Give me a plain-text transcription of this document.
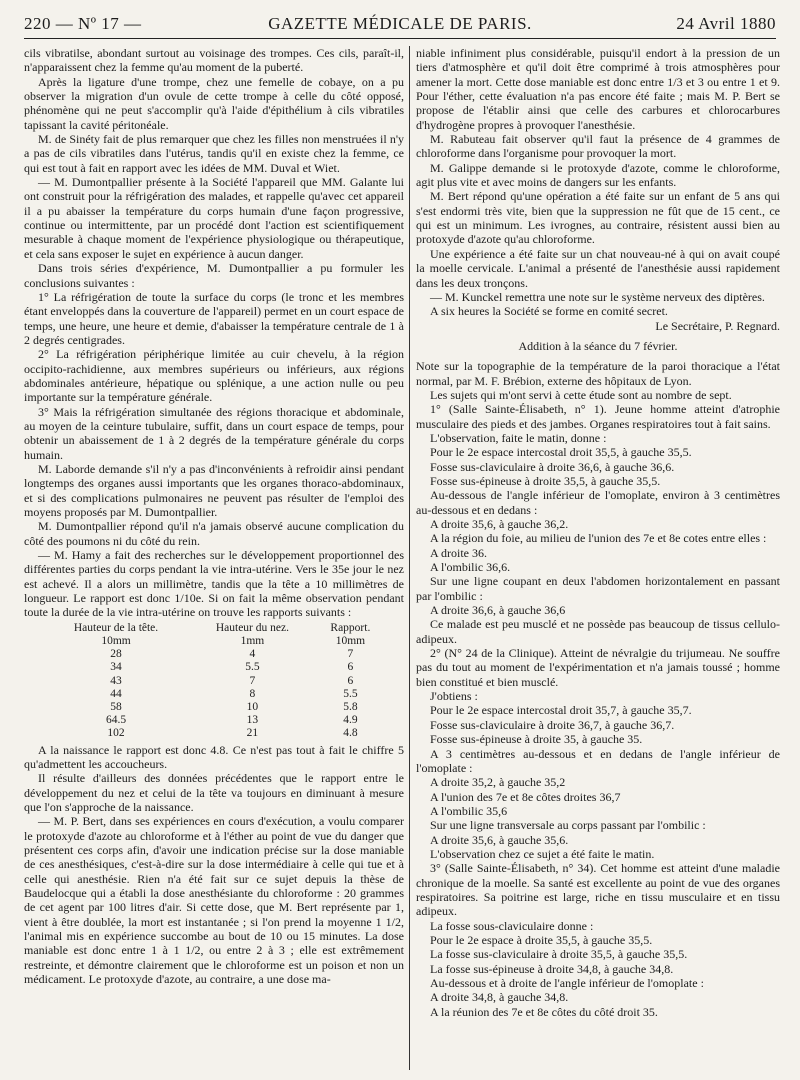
220 — Nº 17 —	GAZETTE MÉDICALE DE PARIS.	24 Avril 1880

cils vibratilse, abondant surtout au voisinage des trompes. Ces cils, paraît-il, n'apparaissent chez la femme qu'au moment de la puberté.

Après la ligature d'une trompe, chez une femelle de cobaye, on a pu observer la migration d'un ovule de cette trompe à celle du côté opposé, phénomène qui ne peut s'accomplir qu'à l'aide d'épithélium à cils vibratiles tapissant la cavité péritonéale.

M. de Sinéty fait de plus remarquer que chez les filles non menstruées il n'y a pas de cils vibratiles dans l'utérus, tandis qu'il en existe chez la femme, ce qui est tout à fait en rapport avec les idées de MM. Duval et Wiet.

— M. Dumontpallier présente à la Société l'appareil que MM. Galante lui ont construit pour la réfrigération des malades, et rappelle qu'avec cet appareil il a pu abaisser la température du corps humain d'une façon progressive, continue ou intermittente, par un procédé dont l'action est scientifiquement mesurable à chaque moment de l'expérience physiologique ou thérapeutique, et cela sans exposer le sujet en expérience à aucun danger.

Dans trois séries d'expérience, M. Dumontpallier a pu formuler les conclusions suivantes :

1° La réfrigération de toute la surface du corps (le tronc et les membres étant enveloppés dans la couverture de l'appareil) permet en un court espace de temps, une heure, une heure et demie, d'abaisser la température centrale de 1 à 2 degrés centigrades.

2° La réfrigération périphérique limitée au cuir chevelu, à la région occipito-rachidienne, aux membres supérieurs ou inférieurs, aux régions abdominales antérieure, hépatique ou splénique, a une action nulle ou peu importante sur la température générale.

3° Mais la réfrigération simultanée des régions thoracique et abdominale, au moyen de la ceinture tubulaire, suffit, dans un court espace de temps, pour obtenir un abaissement de 1 à 2 degrés de la température générale du corps humain.

M. Laborde demande s'il n'y a pas d'inconvénients à refroidir ainsi pendant longtemps des organes aussi importants que les organes thoraco-abdominaux, et si des complications pulmonaires ne peuvent pas résulter de l'emploi des moyens proposés par M. Dumontpallier.

M. Dumontpallier répond qu'il n'a jamais observé aucune complication du côté des poumons ni du côté du rein.

— M. Hamy a fait des recherches sur le développement proportionnel des différentes parties du corps pendant la vie intra-utérine. Vers le 35e jour le nez est achevé. Il a alors un millimètre, tandis que la tête a 10 millimètres de longueur. Le rapport est donc 1/10e. Si on fait la même observation pendant toute la durée de la vie intra-utérine on trouve les rapports suivants :

Hauteur de la tête.	Hauteur du nez.	Rapport.
10mm	1mm	10mm
28	4	7
34	5.5	6
43	7	6
44	8	5.5
58	10	5.8
64.5	13	4.9
102	21	4.8

A la naissance le rapport est donc 4.8. Ce n'est pas tout à fait le chiffre 5 qu'admettent les accoucheurs.

Il résulte d'ailleurs des données précédentes que le rapport entre le développement du nez et celui de la tête va toujours en diminuant à mesure que l'on s'approche de la naissance.

— M. P. Bert, dans ses expériences en cours d'exécution, a voulu comparer le protoxyde d'azote au chloroforme et à l'éther au point de vue du danger que présentent ces corps afin, d'avoir une indication précise sur la dose maniable de ces anesthésiques, c'est-à-dire sur la dose intermédiaire à celle qui tue et à celle qui anesthésie. Rien n'a été fait sur ce sujet depuis la thèse de Baudelocque qui a établi la dose anesthésiante du chloroforme : 20 grammes de cet agent par 100 litres d'air. Si cette dose, que M. Bert représente par 1, vient à être doublée, la mort est instantanée ; si l'on prend la moyenne 1 1/2, l'animal mis en expérience succombe au bout de 10 ou 15 minutes. La dose maniable est donc entre 1 à 1 1/2, ou entre 2 à 3 ; elle est extrêmement restreinte, et démontre clairement que le chloroforme est un poison et non un médicament. Le protoxyde d'azote, au contraire, a une dose ma-

niable infiniment plus considérable, puisqu'il endort à la pression de un tiers d'atmosphère et qu'il doit être comprimé à trois atmosphères pour amener la mort. Cette dose maniable est donc entre 1/3 et 3 ou entre 1 et 9. Pour l'éther, cette évaluation n'a pas encore été faite ; mais M. P. Bert se propose de l'établir ainsi que celle des carbures et chlorocarbures d'hydrogène propres à provoquer l'anesthésie.

M. Rabuteau fait observer qu'il faut la présence de 4 grammes de chloroforme dans l'organisme pour provoquer la mort.

M. Galippe demande si le protoxyde d'azote, comme le chloroforme, agit plus vite et avec moins de dangers sur les enfants.

M. Bert répond qu'une opération a été faite sur un enfant de 5 ans qui s'est endormi très vite, bien que la suppression ne fût que de 15 cent., ce qui est un minimum. Les ivrognes, au contraire, résistent aussi bien au protoxyde d'azote qu'au chloroforme.

Une expérience a été faite sur un chat nouveau-né à qui on avait coupé la moelle cervicale. L'animal a présenté de l'anesthésie aussi rapidement dans les deux tronçons.

— M. Kunckel remettra une note sur le système nerveux des diptères.

A six heures la Société se forme en comité secret.

Le Secrétaire, P. Regnard.

Addition à la séance du 7 février.

Note sur la topographie de la température de la paroi thoracique a l'état normal, par M. F. Brébion, externe des hôpitaux de Lyon.

Les sujets qui m'ont servi à cette étude sont au nombre de sept.

1° (Salle Sainte-Élisabeth, n° 1). Jeune homme atteint d'atrophie musculaire des pieds et des jambes. Organes respiratoires tout à fait sains.

L'observation, faite le matin, donne :

Pour le 2e espace intercostal droit 35,5, à gauche 35,5.

Fosse sus-claviculaire à droite 36,6, à gauche 36,6.

Fosse sus-épineuse à droite 35,5, à gauche 35,5.

Au-dessous de l'angle inférieur de l'omoplate, environ à 3 centimètres au-dessous et en dedans :

A droite 35,6, à gauche 36,2.

A la région du foie, au milieu de l'union des 7e et 8e cotes entre elles :

A droite 36.

A l'ombilic 36,6.

Sur une ligne coupant en deux l'abdomen horizontalement en passant par l'ombilic :

A droite 36,6, à gauche 36,6

Ce malade est peu musclé et ne possède pas beaucoup de tissus cellulo-adipeux.

2° (N° 24 de la Clinique). Atteint de névralgie du trijumeau. Ne souffre pas du tout au moment de l'expérimentation et n'a jamais toussé ; homme bien constitué et bien musclé.

J'obtiens :

Pour le 2e espace intercostal droit 35,7, à gauche 35,7.

Fosse sus-claviculaire à droite 36,7, à gauche 36,7.

Fosse sus-épineuse à droite 35, à gauche 35.

A 3 centimètres au-dessous et en dedans de l'angle inférieur de l'omoplate :

A droite 35,2, à gauche 35,2

A l'union des 7e et 8e côtes droites 36,7

A l'ombilic 35,6

Sur une ligne transversale au corps passant par l'ombilic :

A droite 35,6, à gauche 35,6.

L'observation chez ce sujet a été faite le matin.

3° (Salle Sainte-Élisabeth, n° 34). Cet homme est atteint d'une maladie chronique de la moelle. Sa santé est excellente au point de vue des organes respiratoires. Sa poitrine est large, riche en tissu musculaire et en tissu adipeux.

La fosse sous-claviculaire donne :

Pour le 2e espace à droite 35,5, à gauche 35,5.

La fosse sus-claviculaire à droite 35,5, à gauche 35,5.

La fosse sus-épineuse à droite 34,8, à gauche 34,8.

Au-dessous et à droite de l'angle inférieur de l'omoplate :

A droite 34,8, à gauche 34,8.

A la réunion des 7e et 8e côtes du côté droit 35.
